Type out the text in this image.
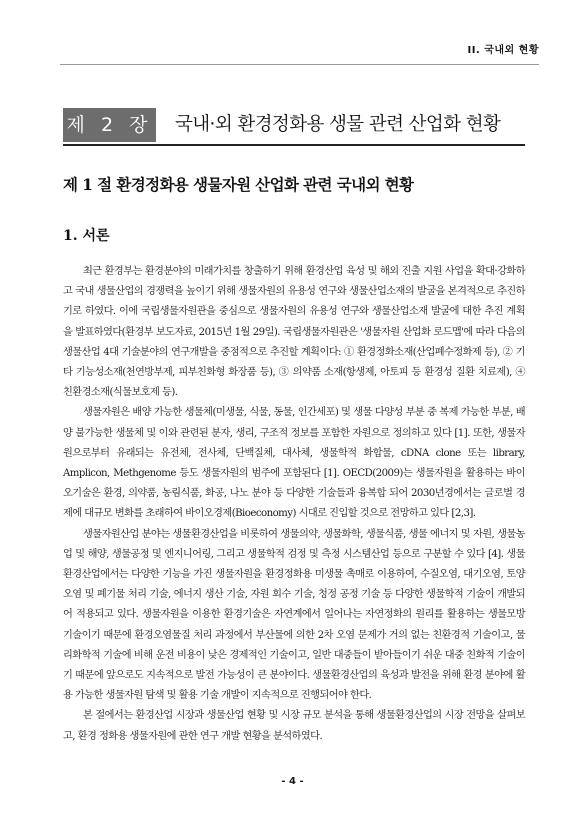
II. 국내외 현황
제 2 장 국내·외 환경정화용 생물 관련 산업화 현황
제 1 절 환경정화용 생물자원 산업화 관련 국내외 현황
1. 서론

최근 환경부는 환경분야의 미래가치를 창출하기 위해 환경산업 육성 및 해외 진출 지원 사업을 확대·강화하고 국내 생물산업의 경쟁력을 높이기 위해 생물자원의 유용성 연구와 생물산업소재의 발굴을 본격적으로 추진하기로 하였다. 이에 국립생물자원관을 중심으로 생물자원의 유용성 연구와 생물산업소재 발굴에 대한 추진 계획을 발표하였다(환경부 보도자료, 2015년 1월 29일). 국립생물자원관은 '생물자원 산업화 로드맵'에 따라 다음의 생물산업 4대 기술분야의 연구개발을 중점적으로 추진할 계획이다: ① 환경정화소재(산업폐수정화제 등), ② 기타 기능성소재(천연방부제, 피부친화형 화장품 등), ③ 의약품 소재(항생제, 아토피 등 환경성 질환 치료제), ④ 친환경소재(식물보호제 등).

생물자원은 배양 가능한 생물체(미생물, 식물, 동물, 인간세포) 및 생물 다양성 부분 중 복제 가능한 부분, 배양 불가능한 생물체 및 이와 관련된 분자, 생리, 구조적 정보를 포함한 자원으로 정의하고 있다 [1]. 또한, 생물자원으로부터 유래되는 유전체, 전사체, 단백질체, 대사체, 생물학적 화합물, cDNA clone 또는 library, Amplicon, Methgenome 등도 생물자원의 범주에 포함된다 [1]. OECD(2009)는 생물자원을 활용하는 바이오기술은 환경, 의약품, 농림식품, 화공, 나노 분야 등 다양한 기술들과 융복합 되어 2030년경에서는 글로벌 경제에 대규모 변화를 초래하여 바이오경제(Bioeconomy) 시대로 진입할 것으로 전망하고 있다 [2,3].

생물자원산업 분야는 생물환경산업을 비롯하여 생물의약, 생물화학, 생물식품, 생물 에너지 및 자원, 생물농업 및 해양, 생물공정 및 엔지니어링, 그리고 생물학적 검정 및 측정 시스템산업 등으로 구분할 수 있다 [4]. 생물환경산업에서는 다양한 기능을 가진 생물자원을 환경정화용 미생물 촉매로 이용하여, 수질오염, 대기오염, 토양오염 및 폐기물 처리 기술, 에너지 생산 기술, 자원 회수 기술, 청정 공정 기술 등 다양한 생물학적 기술이 개발되어 적용되고 있다. 생물자원을 이용한 환경기술은 자연계에서 일어나는 자연정화의 원리를 활용하는 생물모방 기술이기 때문에 환경오염물질 처리 과정에서 부산물에 의한 2차 오염 문제가 거의 없는 친환경적 기술이고, 물리화학적 기술에 비해 운전 비용이 낮은 경제적인 기술이고, 일반 대중들이 받아들이기 쉬운 대중 친화적 기술이기 때문에 앞으로도 지속적으로 발전 가능성이 큰 분야이다. 생물환경산업의 육성과 발전을 위해 환경 분야에 활용 가능한 생물자원 탐색 및 활용 기술 개발이 지속적으로 진행되어야 한다.

본 절에서는 환경산업 시장과 생물산업 현황 및 시장 규모 분석을 통해 생물환경산업의 시장 전망을 살펴보고, 환경 정화용 생물자원에 관한 연구 개발 현황을 분석하였다.

- 4 -
